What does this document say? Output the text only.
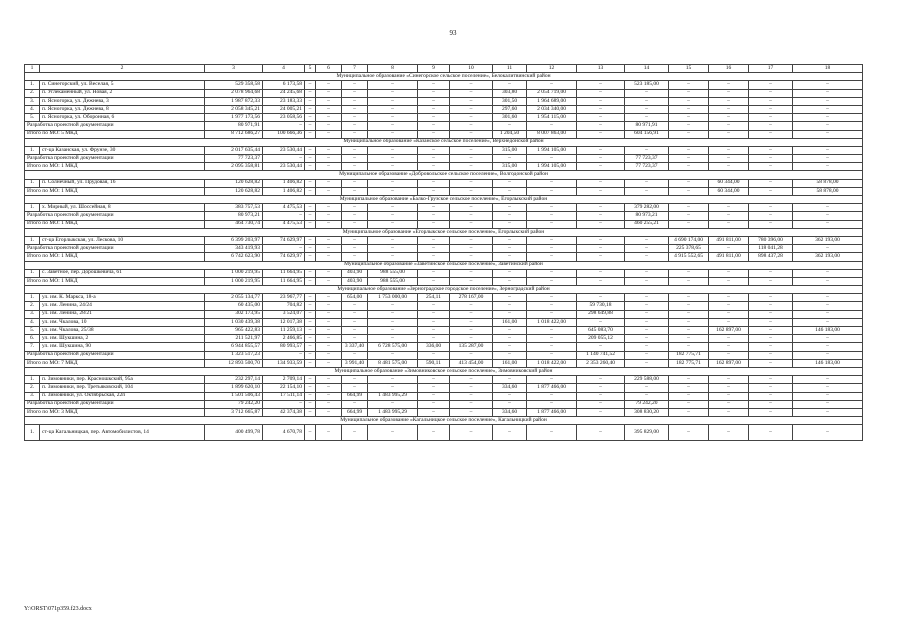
93
1	2	3	4	5	6	7	8	9	10	11	12	13	14	15	16	17	18
Муниципальное образование «Синегорское сельское поселение», Белокалитвинский район																	
1.	п. Синегорский, ул. Веселая, 5	529 358,58	6 173,58	–	–	–	–	–	–	–	–	–	523 185,00	–	–	–	–
2.	п. Углекаменный, ул. Новая, 2	2 078 964,68	24 245,68	–	–	–	–	–	–	303,80	2 054 719,00	–	–	–	–	–	–
3.	п. Ясногорка, ул. Дежнева, 3	1 987 872,33	23 183,33	–	–	–	–	–	–	301,50	1 964 689,00	–	–	–	–	–	–
4.	п. Ясногорка, ул. Дежнева, 8	2 058 345,21	24 005,21	–	–	–	–	–	–	297,60	2 034 340,00	–	–	–	–	–	–
5.	п. Ясногорка, ул. Оборонная, 6	1 977 173,56	23 058,56	–	–	–	–	–	–	301,60	1 954 115,00	–	–	–	–	–	–
Разработка проектной документации		80 971,91	–	–	–	–	–	–	–	–	–	–	80 971,91	–	–	–	–
Итого по МО: 5 МКД		8 712 686,27	100 666,36	–	–	–	–	–	–	1 204,50	8 007 863,00	–	604 156,91	–	–	–	–
Муниципальное образование «Казанское сельское поселение», Верхнедонской район																	
1.	ст-ца Казанская, ул. Фрунзе, 30	2 017 635,44	23 530,44	–	–	–	–	–	–	315,00	1 994 105,00	–	–	–	–	–	–
Разработка проектной документации		77 723,37	–	–	–	–	–	–	–	–	–	–	77 723,37	–	–	–	–
Итого по МО: 1 МКД		2 095 358,81	23 530,44	–	–	–	–	–	–	315,00	1 994 105,00	–	77 723,37	–	–	–	–
Муниципальное образование «Добровольское сельское поселение», Волгодонской район																	
1.	п. Солнечный, ул. Прудовая, 16	120 628,82	1 406,82	–	–	–	–	–	–	–	–	–	–	–	60 344,00	–	58 878,00
Итого по МО: 1 МКД		120 628,82	1 406,82	–	–	–	–	–	–	–	–	–	–	–	60 344,00	–	58 878,00
Муниципальное образование «Балко-Грузское сельское поселение», Егорлыкский район																	
1.	х. Мирный, ул. Шоссейная, 8	383 757,53	4 475,53	–	–	–	–	–	–	–	–	–	379 282,00	–	–	–	–
Разработка проектной документации		80 973,21	–	–	–	–	–	–	–	–	–	–	80 973,21	–	–	–	–
Итого по МО: 1 МКД		464 730,74	4 475,53	–	–	–	–	–	–	–	–	–	460 255,21	–	–	–	–
Муниципальное образование «Егорлыкское сельское поселение», Егорлыкский район																	
1.	ст-ца Егорлыкская, ул. Лескова, 10	6 399 203,97	74 629,97	–	–	–	–	–	–	–	–	–	–	4 690 174,00	491 811,00	780 396,00	362 193,00
Разработка проектной документации		343 419,93	–	–	–	–	–	–	–	–	–	–	–	225 378,65	–	118 041,28	–
Итого по МО: 1 МКД		6 742 623,90	74 629,97	–	–	–	–	–	–	–	–	–	–	4 915 552,65	491 811,00	898 437,28	362 193,00
Муниципальное образование «Заветинское сельское поселение», Заветинский район																	
1.	с. Заветное, пер. Дорошкевича, 61	1 000 219,95	11 664,95	–	–	403,90	988 555,00	–	–	–	–	–	–	–	–	–	–
Итого по МО: 1 МКД		1 000 219,95	11 664,95	–	–	403,90	988 555,00	–	–	–	–	–	–	–	–	–	–
Муниципальное образование «Зерноградское городское поселение», Зерноградский район																	
1.	ул. им. К. Маркса, 18-а	2 055 134,77	23 967,77	–	–	654,00	1 753 000,00	254,11	278 167,00	–	–	–	–	–	–	–	–
2.	ул. им. Ленина, 24/24	60 435,00	704,82	–	–	–	–	–	–	–	–	59 730,18	–	–	–	–	–
3.	ул. им. Ленина, 28/21	302 173,95	3 524,07	–	–	–	–	–	–	–	–	298 649,88	–	–	–	–	–
4.	ул. им. Чкалова, 10	1 030 439,38	12 017,38	–	–	–	–	–	–	161,00	1 018 422,00	–	–	–	–	–	–
5.	ул. им. Чкалова, 25/38	965 422,83	11 259,13	–	–	–	–	–	–	–	–	645 083,70	–	–	162 897,00	–	146 183,00
6.	ул. им. Шукшина, 2	211 521,97	2 466,85	–	–	–	–	–	–	–	–	209 055,12	–	–	–	–	–
7.	ул. им. Шукшина, 90	6 944 855,57	80 993,57	–	–	3 337,40	6 728 575,00	336,00	135 287,00	–	–	–	–	–	–	–	–
Разработка проектной документации		1 323 517,23	–	–	–	–	–	–	–	–	–	1 140 741,52	–	182 775,71	–	–	–
Итого по МО: 7 МКД		12 893 500,70	134 933,59	–	–	3 991,40	8 481 575,00	590,11	413 454,00	161,00	1 018 422,00	2 353 260,40	–	182 775,71	162 897,00	–	146 183,00
Муниципальное образование «Зимовниковское сельское поселение», Зимовниковский район																	
1.	п. Зимовники, пер. Красношкский, 95а	232 297,14	2 709,14	–	–	–	–	–	–	–	–	–	229 588,00	–	–	–	–
2.	п. Зимовники, пер. Третьяковский, 104	1 899 620,10	22 154,10	–	–	–	–	–	–	334,60	1 877 466,00	–	–	–	–	–	–
3.	п. Зимовники, ул. Октябрьская, 22п	1 501 506,43	17 511,14	–	–	664,99	1 483 995,29	–	–	–	–	–	–	–	–	–	–
Разработка проектной документации		79 242,20	–	–	–	–	–	–	–	–	–	–	79 242,20	–	–	–	–
Итого по МО: 3 МКД		3 712 665,87	42 374,38	–	–	664,99	1 483 995,29	–	–	334,60	1 877 466,00	–	308 830,20	–	–	–	–
Муниципальное образование «Кагальницкое сельское поселение», Кагальницкий район																	
1.	ст-ца Кагальницкая, пер. Автомобилистов, 14	400 499,78	4 670,78	–	–	–	–	–	–	–	–	–	395 829,00	–	–	–	–
Y:\ORST\071p359.f23.docx
